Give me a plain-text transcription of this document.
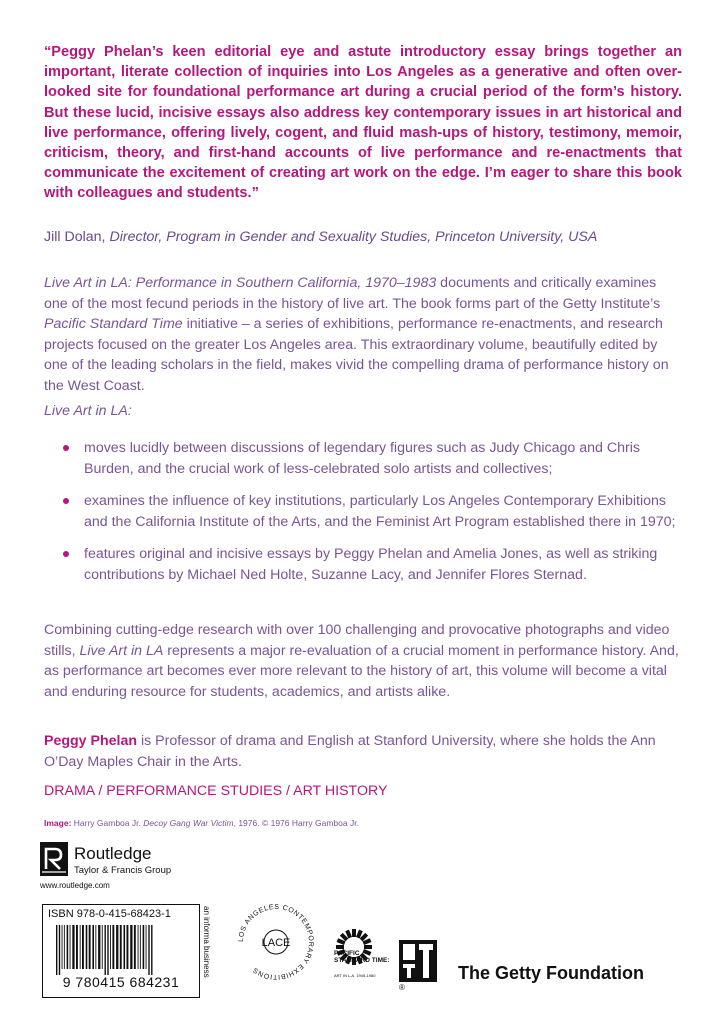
“Peggy Phelan’s keen editorial eye and astute introductory essay brings together an important, literate collection of inquiries into Los Angeles as a generative and often over-looked site for foundational performance art during a crucial period of the form’s history. But these lucid, incisive essays also address key contemporary issues in art historical and live performance, offering lively, cogent, and fluid mash-ups of history, testimony, memoir, criticism, theory, and first-hand accounts of live performance and re-enactments that communicate the excitement of creating art work on the edge. I’m eager to share this book with colleagues and students.”

Jill Dolan, Director, Program in Gender and Sexuality Studies, Princeton University, USA

Live Art in LA: Performance in Southern California, 1970–1983 documents and critically examines one of the most fecund periods in the history of live art. The book forms part of the Getty Institute’s Pacific Standard Time initiative – a series of exhibitions, performance re-enactments, and research projects focused on the greater Los Angeles area. This extraordinary volume, beautifully edited by one of the leading scholars in the field, makes vivid the compelling drama of performance history on the West Coast.

Live Art in LA:

moves lucidly between discussions of legendary figures such as Judy Chicago and Chris Burden, and the crucial work of less-celebrated solo artists and collectives;
examines the influence of key institutions, particularly Los Angeles Contemporary Exhibitions and the California Institute of the Arts, and the Feminist Art Program established there in 1970;
features original and incisive essays by Peggy Phelan and Amelia Jones, as well as striking contributions by Michael Ned Holte, Suzanne Lacy, and Jennifer Flores Sternad.

Combining cutting-edge research with over 100 challenging and provocative photographs and video stills, Live Art in LA represents a major re-evaluation of a crucial moment in performance history. And, as performance art becomes ever more relevant to the history of art, this volume will become a vital and enduring resource for students, academics, and artists alike.

Peggy Phelan is Professor of drama and English at Stanford University, where she holds the Ann O’Day Maples Chair in the Arts.

DRAMA / PERFORMANCE STUDIES / ART HISTORY

Image: Harry Gamboa Jr. Decoy Gang War Victim, 1976. © 1976 Harry Gamboa Jr.

Routledge
Taylor & Francis Group
www.routledge.com
ISBN 978-0-415-68423-1
9 780415 684231
an informa business	LOS ANGELES CONTEMPORARY EXHIBITIONS
LACE
PACIFIC STANDARD TIME:
ART IN L.A. 1945-1980
®
The Getty Foundation
